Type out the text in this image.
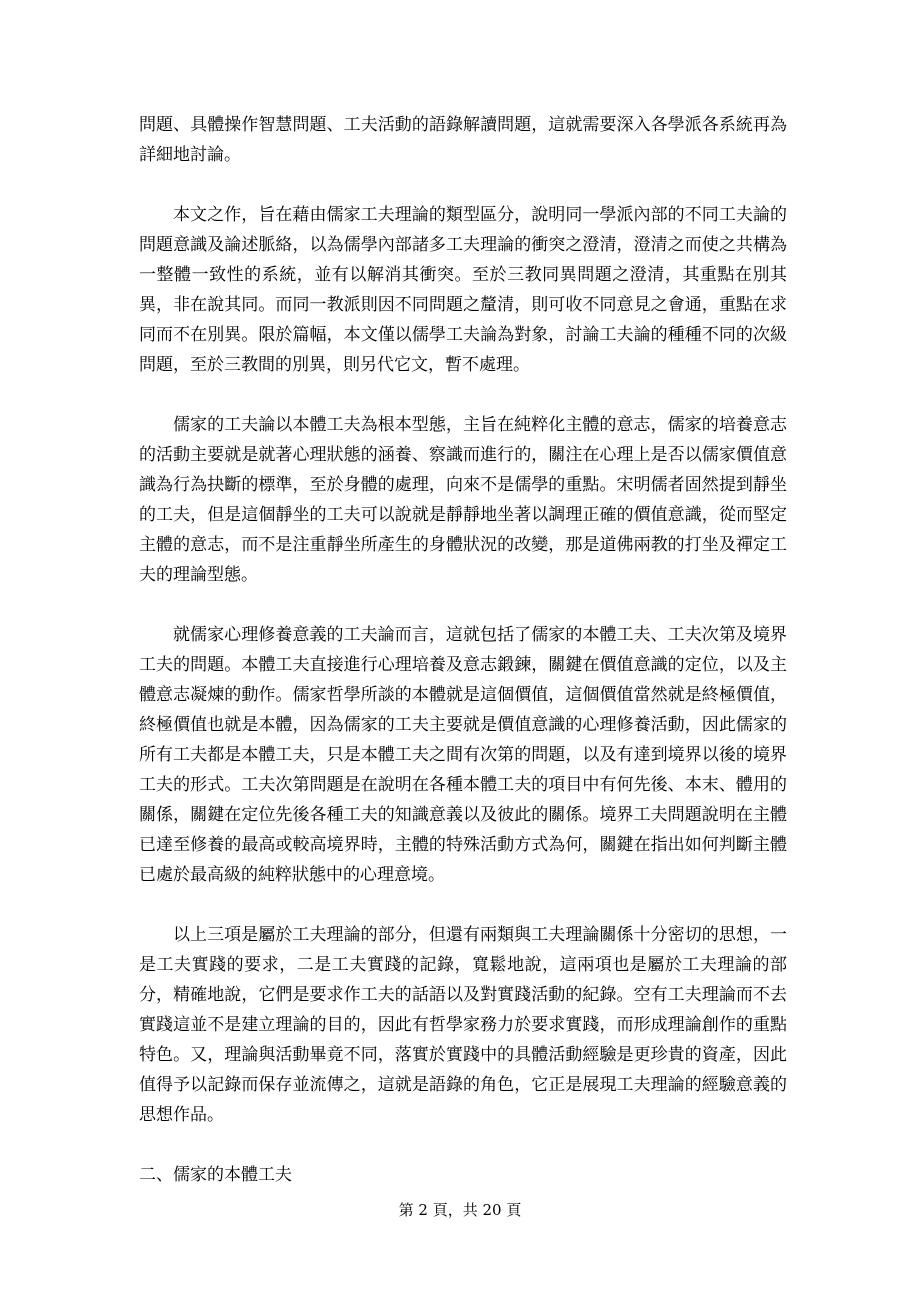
問題、具體操作智慧問題、工夫活動的語錄解讀問題，這就需要深入各學派各系統再為詳細地討論。

本文之作，旨在藉由儒家工夫理論的類型區分，說明同一學派內部的不同工夫論的問題意識及論述脈絡，以為儒學內部諸多工夫理論的衝突之澄清，澄清之而使之共構為一整體一致性的系統，並有以解消其衝突。至於三教同異問題之澄清，其重點在別其異，非在說其同。而同一教派則因不同問題之釐清，則可收不同意見之會通，重點在求同而不在別異。限於篇幅，本文僅以儒學工夫論為對象，討論工夫論的種種不同的次級問題，至於三教間的別異，則另代它文，暫不處理。

儒家的工夫論以本體工夫為根本型態，主旨在純粹化主體的意志，儒家的培養意志的活動主要就是就著心理狀態的涵養、察識而進行的，關注在心理上是否以儒家價值意識為行為抉斷的標準，至於身體的處理，向來不是儒學的重點。宋明儒者固然提到靜坐的工夫，但是這個靜坐的工夫可以說就是靜靜地坐著以調理正確的價值意識，從而堅定主體的意志，而不是注重靜坐所產生的身體狀況的改變，那是道佛兩教的打坐及禪定工夫的理論型態。

就儒家心理修養意義的工夫論而言，這就包括了儒家的本體工夫、工夫次第及境界工夫的問題。本體工夫直接進行心理培養及意志鍛鍊，關鍵在價值意識的定位，以及主體意志凝煉的動作。儒家哲學所談的本體就是這個價值，這個價值當然就是終極價值，終極價值也就是本體，因為儒家的工夫主要就是價值意識的心理修養活動，因此儒家的所有工夫都是本體工夫，只是本體工夫之間有次第的問題，以及有達到境界以後的境界工夫的形式。工夫次第問題是在說明在各種本體工夫的項目中有何先後、本末、體用的關係，關鍵在定位先後各種工夫的知識意義以及彼此的關係。境界工夫問題說明在主體已達至修養的最高或較高境界時，主體的特殊活動方式為何，關鍵在指出如何判斷主體已處於最高級的純粹狀態中的心理意境。

以上三項是屬於工夫理論的部分，但還有兩類與工夫理論關係十分密切的思想，一是工夫實踐的要求，二是工夫實踐的記錄，寬鬆地說，這兩項也是屬於工夫理論的部分，精確地說，它們是要求作工夫的話語以及對實踐活動的紀錄。空有工夫理論而不去實踐這並不是建立理論的目的，因此有哲學家務力於要求實踐，而形成理論創作的重點特色。又，理論與活動畢竟不同，落實於實踐中的具體活動經驗是更珍貴的資產，因此值得予以記錄而保存並流傳之，這就是語錄的角色，它正是展現工夫理論的經驗意義的思想作品。

二、儒家的本體工夫

第 2 頁，共 20 頁
